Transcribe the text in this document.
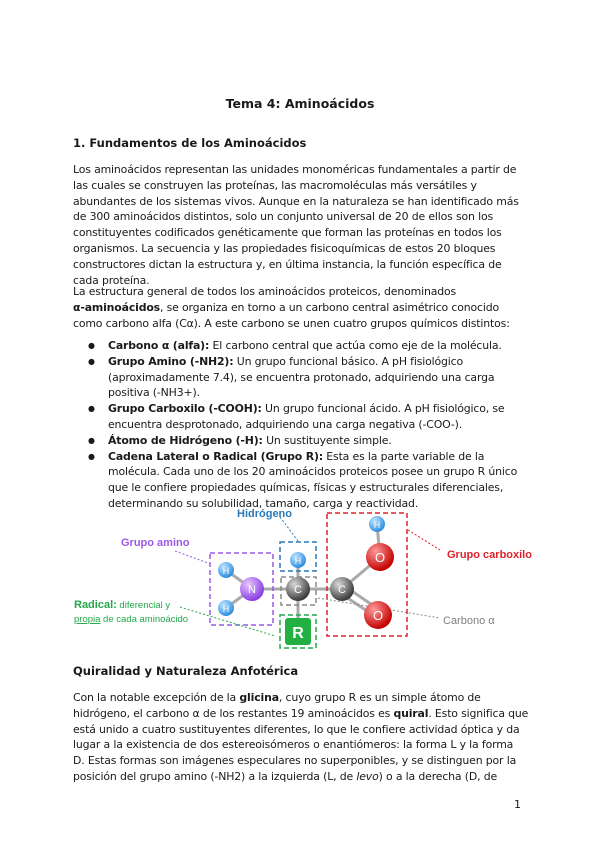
Tema 4: Aminoácidos
1. Fundamentos de los Aminoácidos
Los aminoácidos representan las unidades monoméricas fundamentales a partir de
las cuales se construyen las proteínas, las macromoléculas más versátiles y
abundantes de los sistemas vivos. Aunque en la naturaleza se han identificado más
de 300 aminoácidos distintos, solo un conjunto universal de 20 de ellos son los
constituyentes codificados genéticamente que forman las proteínas en todos los
organismos. La secuencia y las propiedades fisicoquímicas de estos 20 bloques
constructores dictan la estructura y, en última instancia, la función específica de
cada proteína.
La estructura general de todos los aminoácidos proteicos, denominados
α-aminoácidos, se organiza en torno a un carbono central asimétrico conocido
como carbono alfa (Cα). A este carbono se unen cuatro grupos químicos distintos:
● Carbono α (alfa): El carbono central que actúa como eje de la molécula.
● Grupo Amino (-NH2): Un grupo funcional básico. A pH fisiológico
(aproximadamente 7.4), se encuentra protonado, adquiriendo una carga
positiva (-NH3+).
● Grupo Carboxilo (-COOH): Un grupo funcional ácido. A pH fisiológico, se
encuentra desprotonado, adquiriendo una carga negativa (-COO-).
● Átomo de Hidrógeno (-H): Un sustituyente simple.
● Cadena Lateral o Radical (Grupo R): Esta es la parte variable de la
molécula. Cada uno de los 20 aminoácidos proteicos posee un grupo R único
que le confiere propiedades químicas, físicas y estructurales diferenciales,
determinando su solubilidad, tamaño, carga y reactividad.
H
H
H
H
N	C	C
O
O
R
Hidrógeno
Grupo amino
Grupo carboxilo
Carbono α
Radical: diferencial y
propia de cada aminoácido
Quiralidad y Naturaleza Anfotérica
Con la notable excepción de la glicina, cuyo grupo R es un simple átomo de
hidrógeno, el carbono α de los restantes 19 aminoácidos es quiral. Esto significa que
está unido a cuatro sustituyentes diferentes, lo que le confiere actividad óptica y da
lugar a la existencia de dos estereoisómeros o enantiómeros: la forma L y la forma
D. Estas formas son imágenes especulares no superponibles, y se distinguen por la
posición del grupo amino (-NH2) a la izquierda (L, de levo) o a la derecha (D, de
1
